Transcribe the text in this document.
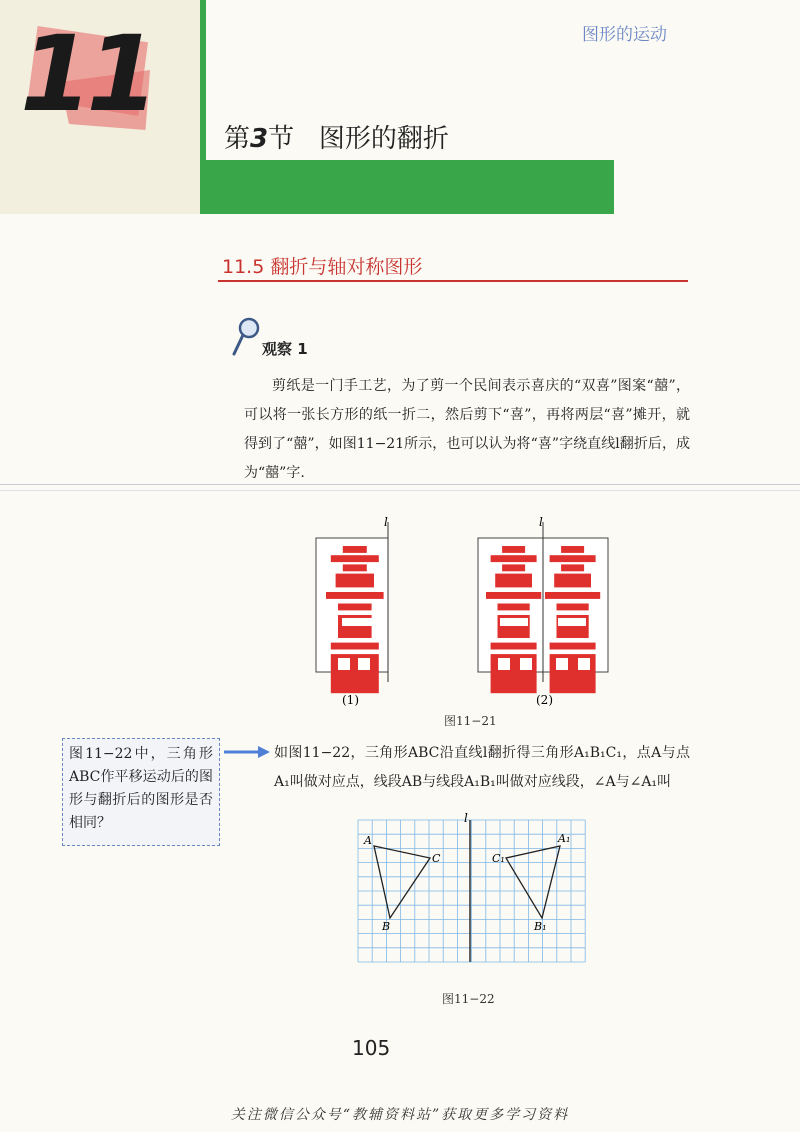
11	图形的运动
第3节 图形的翻折
11.5 翻折与轴对称图形
观察 1
剪纸是一门手工艺，为了剪一个民间表示喜庆的“双喜”图案“囍”，可以将一张长方形的纸一折二，然后剪下“喜”，再将两层“喜”摊开，就得到了“囍”，如图11−21所示，也可以认为将“喜”字绕直线l翻折后，成为“囍”字.
l	l
(1)	(2)
图11−21
图11−22中，三角形ABC作平移运动后的图形与翻折后的图形是否相同？
如图11−22，三角形ABC沿直线l翻折得三角形A₁B₁C₁，点A与点A₁叫做对应点，线段AB与线段A₁B₁叫做对应线段，∠A与∠A₁叫
l
A
B
C
A₁
B₁
C₁
图11−22
105
关注微信公众号“教辅资料站”获取更多学习资料
